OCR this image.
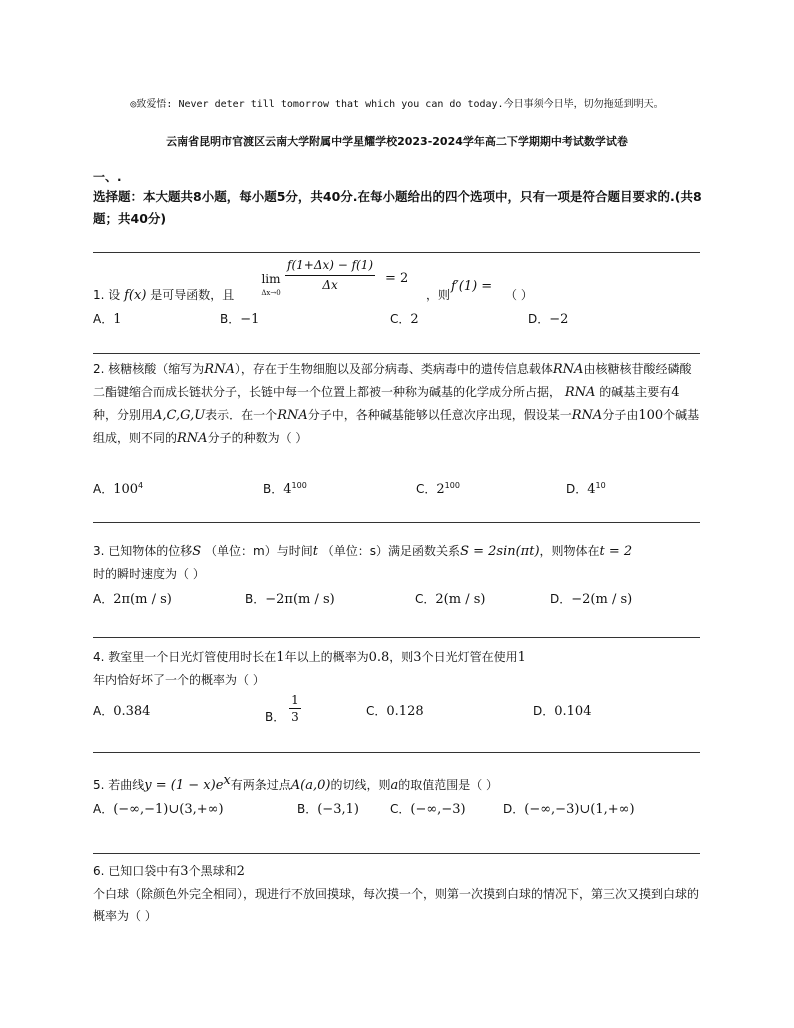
◎致爱悟: Never deter till tomorrow that which you can do today.今日事须今日毕，切勿拖延到明天。
云南省昆明市官渡区云南大学附属中学星耀学校2023-2024学年高二下学期期中考试数学试卷
一、.
选择题：本大题共8小题，每小题5分，共40分.在每小题给出的四个选项中，只有一项是符合题目要求的.(共8题；共40分)
1. 设 f(x) 是可导函数，且
lim
$\Delta x\to 0 \frac{f(1+\Delta x) - f(1)}{\Delta x} = 2$
，则
f′(1) =
（ ）
A．1	B．−1	C．2	D．−2
2. 核糖核酸（缩写为RNA），存在于生物细胞以及部分病毒、类病毒中的遗传信息载体RNA由核糖核苷酸经磷酸二酯键缩合而成长链状分子，长链中每一个位置上都被一种称为碱基的化学成分所占据， RNA 的碱基主要有4种，分别用A,C,G,U表示．在一个RNA分子中，各种碱基能够以任意次序出现，假设某一RNA分子由100个碱基组成，则不同的RNA分子的种数为（ ）
A．$100^4$	B．$4^{100}$	C．$2^{100}$	D．$4^{10}$
3. 已知物体的位移S （单位：m）与时间t （单位：s）满足函数关系S = 2sin(πt)，则物体在t = 2
时的瞬时速度为（ ）
A．2π(m / s)	B．−2π(m / s)	C．2(m / s)	D．−2(m / s)
4. 教室里一个日光灯管使用时长在1年以上的概率为0.8，则3个日光灯管在使用1
年内恰好坏了一个的概率为（ ）
A．0.384	B． $\frac{1}{3}$	C．0.128	D．0.104
5. 若曲线$y = (1 - x)e^x$有两条过点A(a,0)的切线，则a的取值范围是（ ）
A．(−∞,−1)∪(3,+∞)	B．(−3,1)	C．(−∞,−3)	D．(−∞,−3)∪(1,+∞)
6. 已知口袋中有3个黑球和2
个白球（除颜色外完全相同），现进行不放回摸球，每次摸一个，则第一次摸到白球的情况下，第三次又摸到白球的概率为（ ）
